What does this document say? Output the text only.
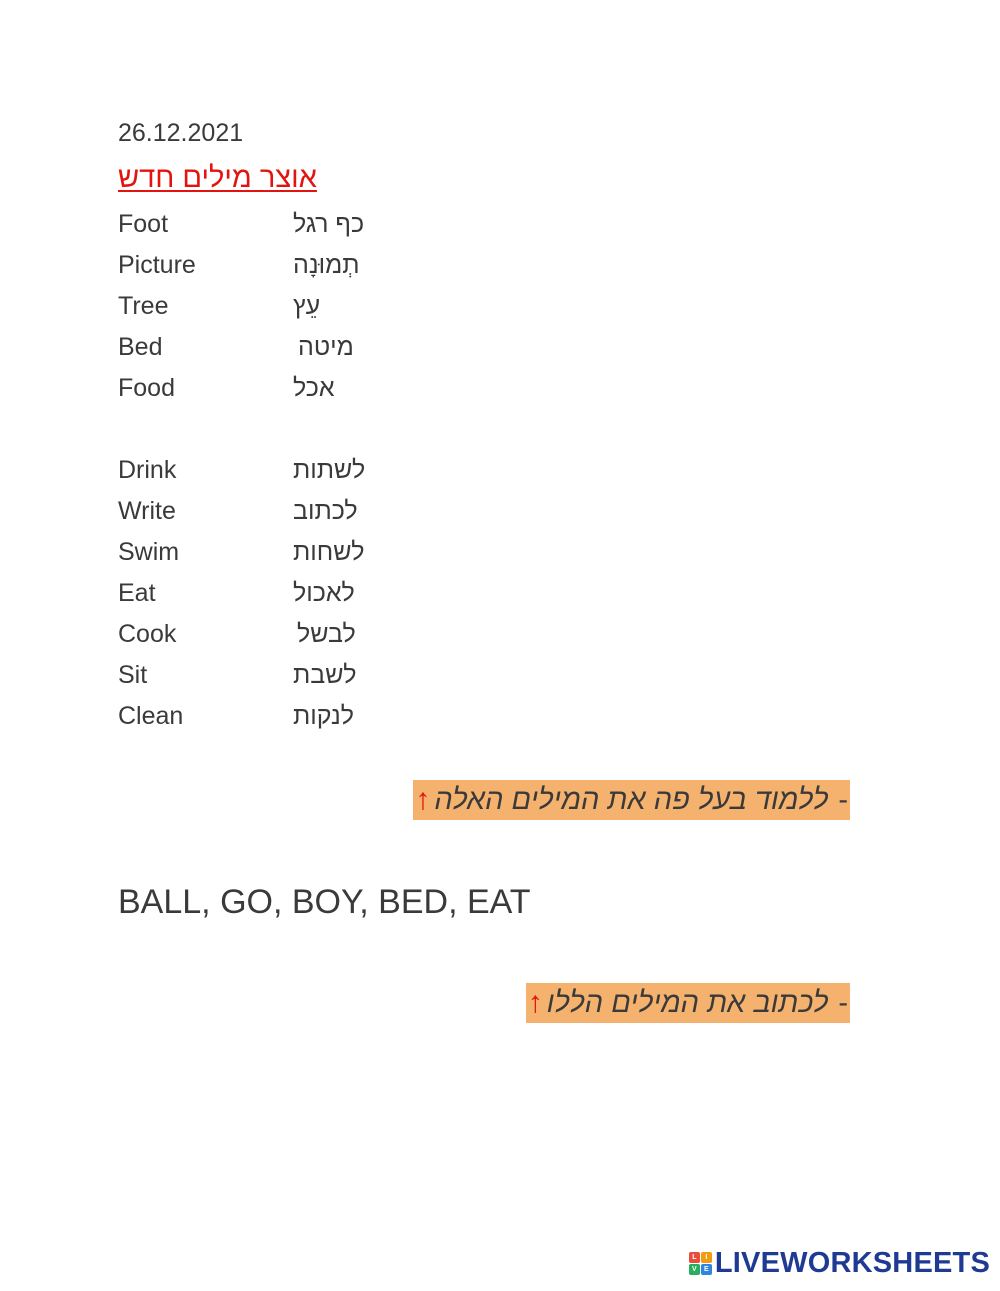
26.12.2021
אוצר מילים חדש
Foot	כף רגל
Picture	תְמוּנָה
Tree	עֵץ
Bed	מיטה
Food	אכל
Drink	לשתות
Write	לכתוב
Swim	לשחות
Eat	לאכול
Cook	לבשל
Sit	לשבת
Clean	לנקות
-
ללמוד בעל פה את המילים האלה
↑
BALL, GO, BOY, BED, EAT
-
לכתוב את המילים הללו
↑
L	I
V	E LIVEWORKSHEETS
